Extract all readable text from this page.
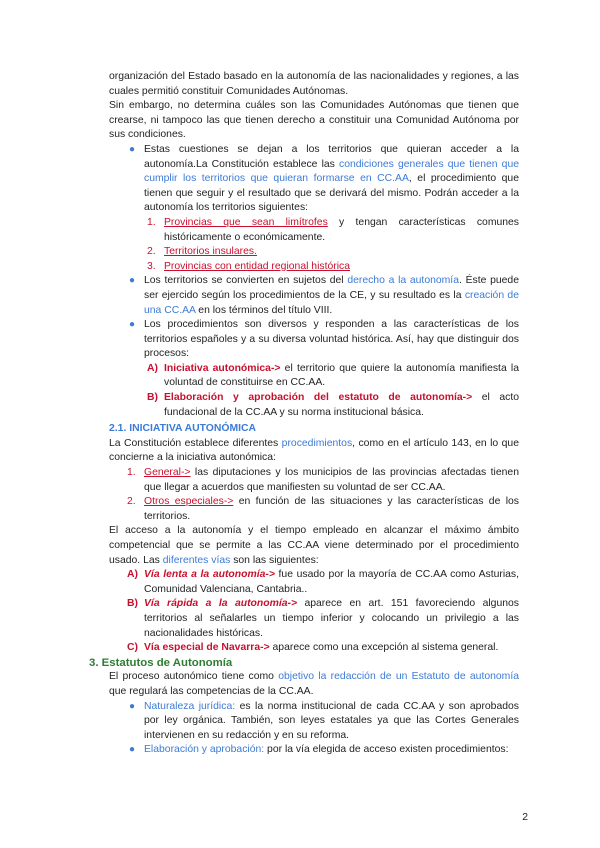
organización del Estado basado en la autonomía de las nacionalidades y regiones, a las cuales permitió constituir Comunidades Autónomas.

Sin embargo, no determina cuáles son las Comunidades Autónomas que tienen que crearse, ni tampoco las que tienen derecho a constituir una Comunidad Autónoma por sus condiciones.

● Estas cuestiones se dejan a los territorios que quieran acceder a la autonomía.La Constitución establece las condiciones generales que tienen que cumplir los territorios que quieran formarse en CC.AA, el procedimiento que tienen que seguir y el resultado que se derivará del mismo. Podrán acceder a la autonomía los territorios siguientes:

1. Provincias que sean limítrofes y tengan características comunes históricamente o económicamente.

2. Territorios insulares.

3. Provincias con entidad regional histórica

● Los territorios se convierten en sujetos del derecho a la autonomía. Éste puede ser ejercido según los procedimientos de la CE, y su resultado es la creación de una CC.AA en los términos del título VIII.

● Los procedimientos son diversos y responden a las características de los territorios españoles y a su diversa voluntad histórica. Así, hay que distinguir dos procesos:

A) Iniciativa autonómica-> el territorio que quiere la autonomía manifiesta la voluntad de constituirse en CC.AA.

B) Elaboración y aprobación del estatuto de autonomía-> el acto fundacional de la CC.AA y su norma institucional básica.

2.1. INICIATIVA AUTONÓMICA

La Constitución establece diferentes procedimientos, como en el artículo 143, en lo que concierne a la iniciativa autonómica:

1. General-> las diputaciones y los municipios de las provincias afectadas tienen que llegar a acuerdos que manifiesten su voluntad de ser CC.AA.

2. Otros especiales-> en función de las situaciones y las características de los territorios.

El acceso a la autonomía y el tiempo empleado en alcanzar el máximo ámbito competencial que se permite a las CC.AA viene determinado por el procedimiento usado. Las diferentes vías son las siguientes:

A) Vía lenta a la autonomía-> fue usado por la mayoría de CC.AA como Asturias, Comunidad Valenciana, Cantabria..

B) Vía rápida a la autonomía-> aparece en art. 151 favoreciendo algunos territorios al señalarles un tiempo inferior y colocando un privilegio a las nacionalidades históricas.

C) Vía especial de Navarra-> aparece como una excepción al sistema general.

3. Estatutos de Autonomía

El proceso autonómico tiene como objetivo la redacción de un Estatuto de autonomía que regulará las competencias de la CC.AA.

● Naturaleza jurídica: es la norma institucional de cada CC.AA y son aprobados por ley orgánica. También, son leyes estatales ya que las Cortes Generales intervienen en su redacción y en su reforma.

● Elaboración y aprobación: por la vía elegida de acceso existen procedimientos:

2
